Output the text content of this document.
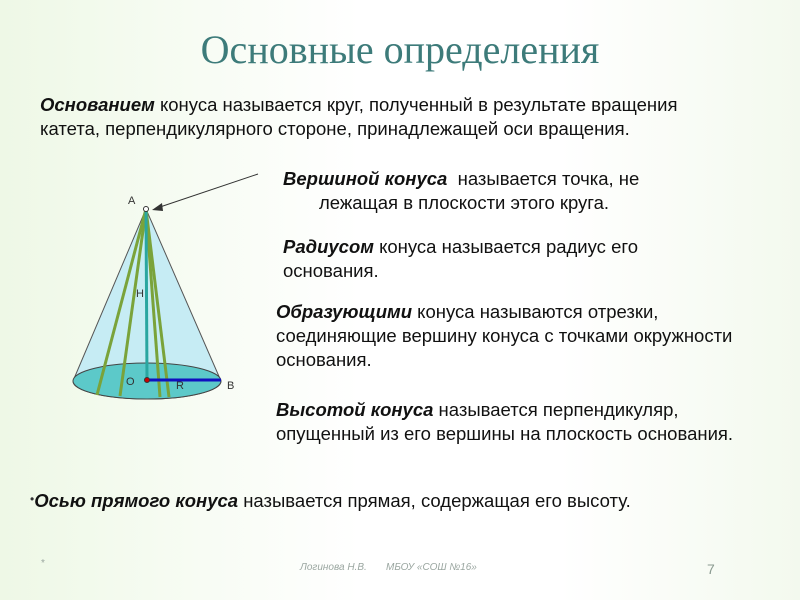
Основные определения
Основанием конуса называется круг, полученный в результате вращения катета, перпендикулярного стороне, принадлежащей оси вращения.
Вершиной конуса  называется точка, не
лежащая в плоскости этого круга.
Радиусом конуса называется радиус его основания.
Образующими конуса называются отрезки, соединяющие вершину конуса с точками окружности основания.
Высотой конуса называется перпендикуляр, опущенный из его вершины на плоскость основания.
•Осью прямого конуса называется прямая, содержащая его высоту.
A
H
O	R	B
*	Логинова Н.В. МБОУ «СОШ №16»	7
